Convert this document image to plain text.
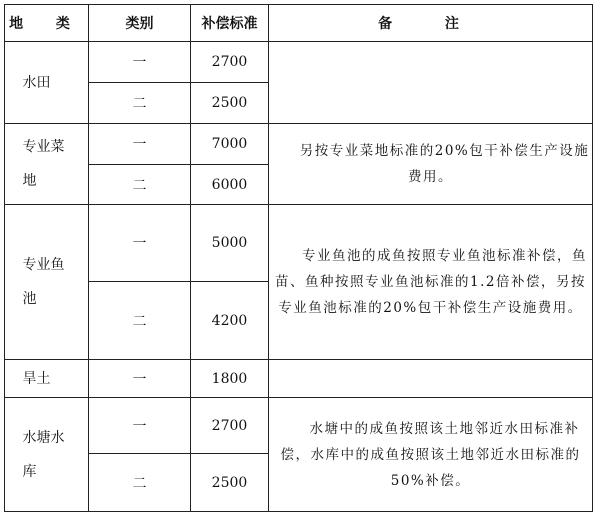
地 类	类别	补偿标准	备 注
水田	一	2700	
	二	2500	
专业菜地	一	7000	另按专业菜地标准的20%包干补偿生产设施费用。

	二	6000	
专业鱼池	一	5000	专业鱼池的成鱼按照专业鱼池标准补偿，鱼苗、鱼种按照专业鱼池标准的1.2倍补偿，另按专业鱼池标准的20%包干补偿生产设施费用。

	二	4200	
旱土	一	1800	
水塘水库	一	2700	水塘中的成鱼按照该土地邻近水田标准补偿，水库中的成鱼按照该土地邻近水田标准的50%补偿。

	二	2500	
